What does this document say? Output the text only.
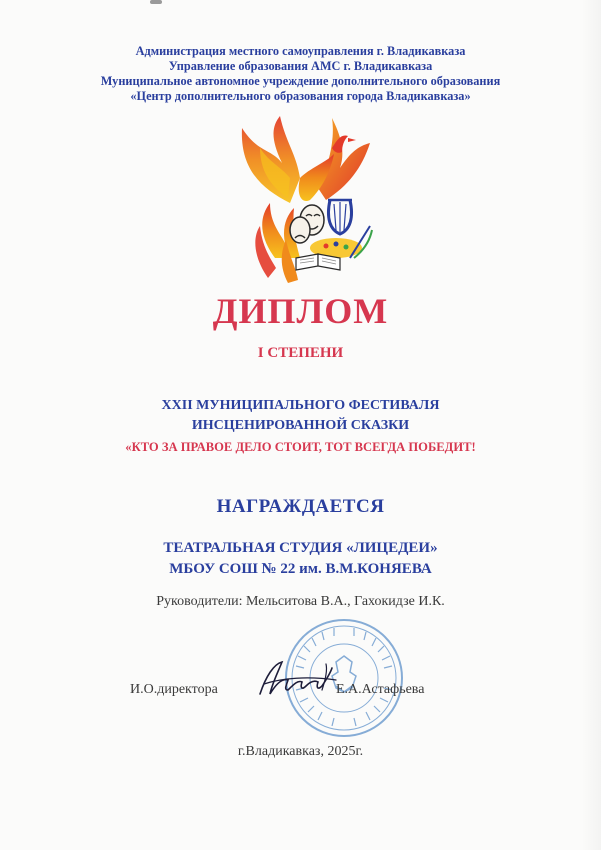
Администрация местного самоуправления г. Владикавказа
Управление образования АМС г. Владикавказа
Муниципальное автономное учреждение дополнительного образования
«Центр дополнительного образования города Владикавказа»
ДИПЛОМ
I СТЕПЕНИ
XXII МУНИЦИПАЛЬНОГО ФЕСТИВАЛЯ
ИНСЦЕНИРОВАННОЙ СКАЗКИ
«КТО ЗА ПРАВОЕ ДЕЛО СТОИТ, ТОТ ВСЕГДА ПОБЕДИТ!
НАГРАЖДАЕТСЯ
ТЕАТРАЛЬНАЯ СТУДИЯ «ЛИЦЕДЕИ»
МБОУ СОШ № 22 им. В.М.КОНЯЕВА
Руководители: Мельситова В.А., Гахокидзе И.К.
И.О.директора	Е.А.Астафьева
г.Владикавказ, 2025г.
